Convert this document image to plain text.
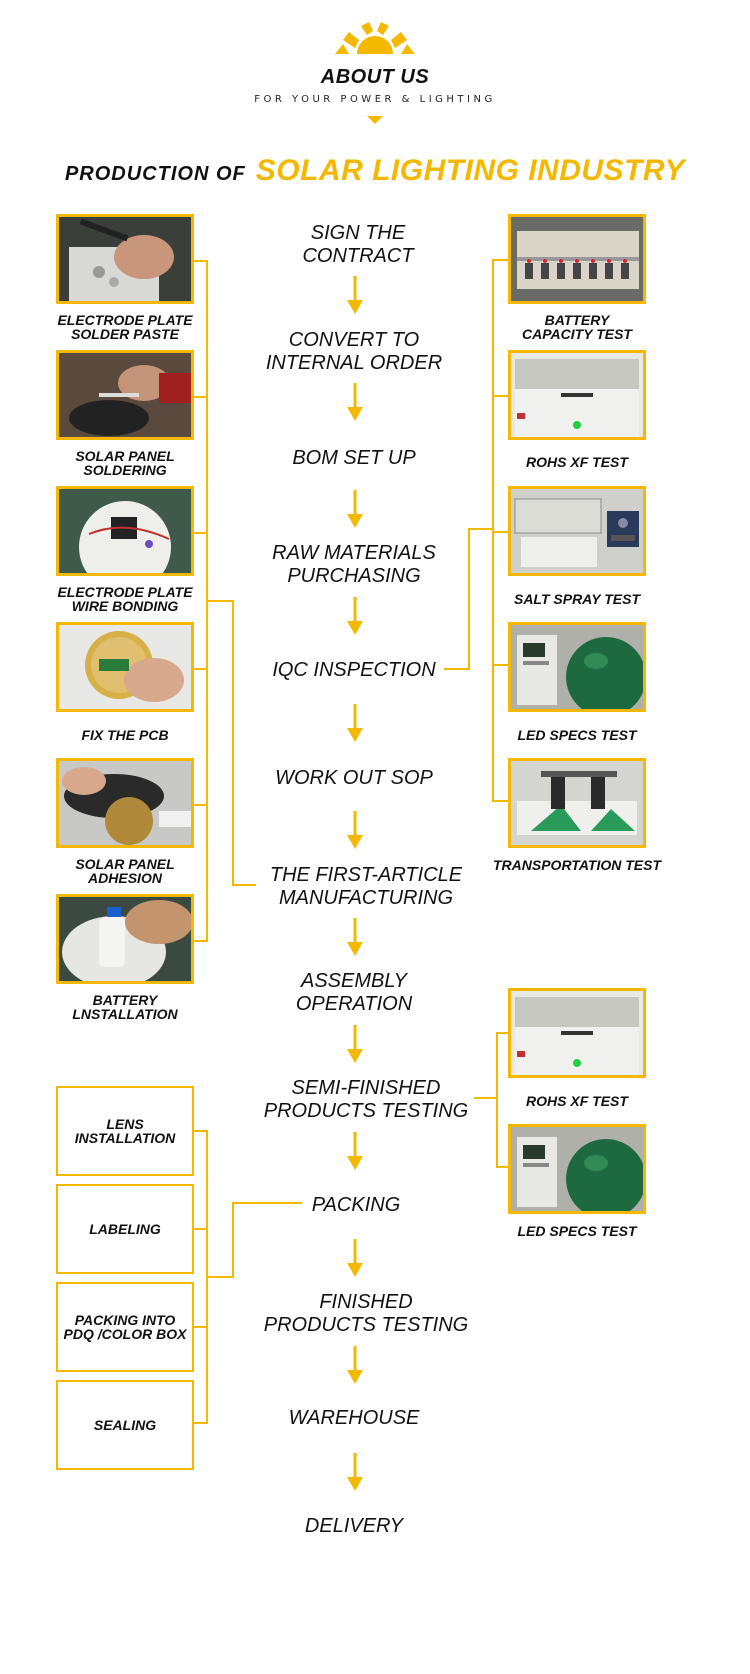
ABOUT US
FOR YOUR POWER & LIGHTING
PRODUCTION OF SOLAR LIGHTING INDUSTRY
SIGN THE
CONTRACT
CONVERT TO
INTERNAL ORDER
BOM SET UP
RAW MATERIALS
PURCHASING
IQC INSPECTION
WORK OUT SOP
THE FIRST-ARTICLE
MANUFACTURING
ASSEMBLY
OPERATION
SEMI-FINISHED
PRODUCTS TESTING
PACKING
FINISHED
PRODUCTS TESTING
WAREHOUSE
DELIVERY
ELECTRODE PLATE
SOLDER PASTE
SOLAR PANEL
SOLDERING
ELECTRODE PLATE
WIRE BONDING
FIX THE PCB
SOLAR PANEL
ADHESION
BATTERY
LNSTALLATION
BATTERY
CAPACITY TEST
ROHS XF TEST
SALT SPRAY TEST
LED SPECS TEST
TRANSPORTATION TEST
ROHS XF TEST
LED SPECS TEST
LENS
INSTALLATION
LABELING
PACKING INTO
PDQ /COLOR BOX
SEALING
